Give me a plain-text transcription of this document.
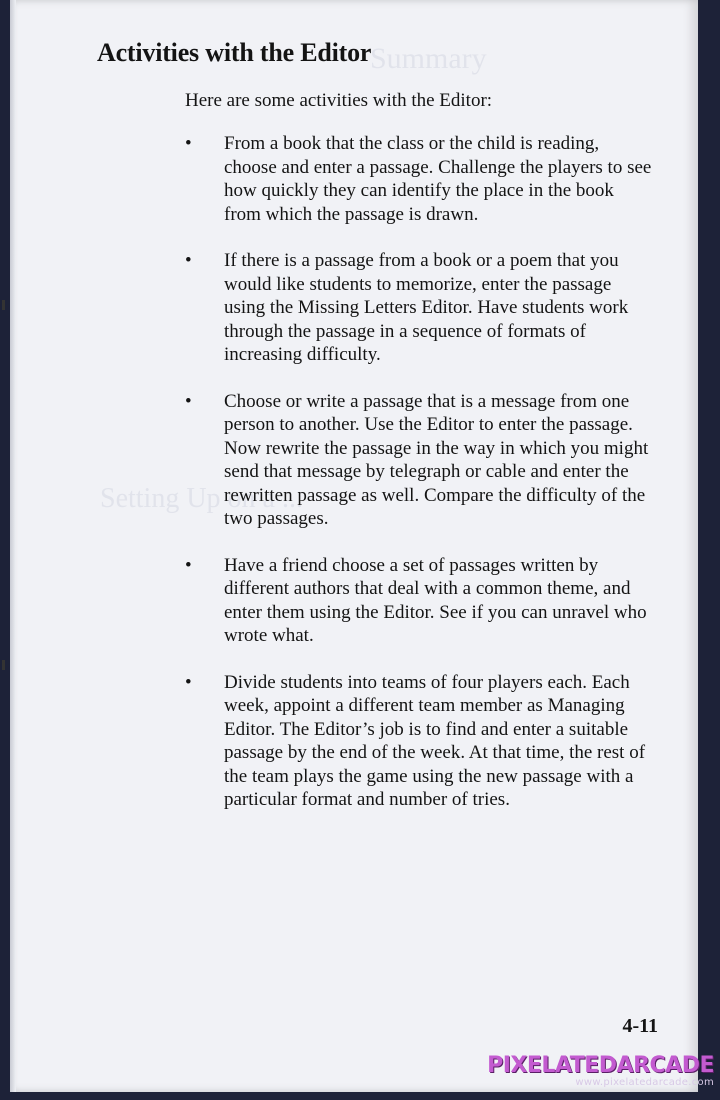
Summary
Setting Up on a ...
Activities with the Editor

Here are some activities with the Editor:

• From a book that the class or the child is reading, choose and enter a passage. Challenge the players to see how quickly they can identify the place in the book from which the passage is drawn.
• If there is a passage from a book or a poem that you would like students to memorize, enter the passage using the Missing Letters Editor. Have students work through the passage in a sequence of formats of increasing difficulty.
• Choose or write a passage that is a message from one person to another. Use the Editor to enter the passage. Now rewrite the passage in the way in which you might send that message by telegraph or cable and enter the rewritten passage as well. Compare the difficulty of the two passages.
• Have a friend choose a set of passages written by different authors that deal with a common theme, and enter them using the Editor. See if you can unravel who wrote what.
• Divide students into teams of four players each. Each week, appoint a different team member as Managing Editor. The Editor’s job is to find and enter a suitable passage by the end of the week. At that time, the rest of the team plays the game using the new passage with a particular format and number of tries.
4-11
PIXELATEDARCADE
www.pixelatedarcade.com
